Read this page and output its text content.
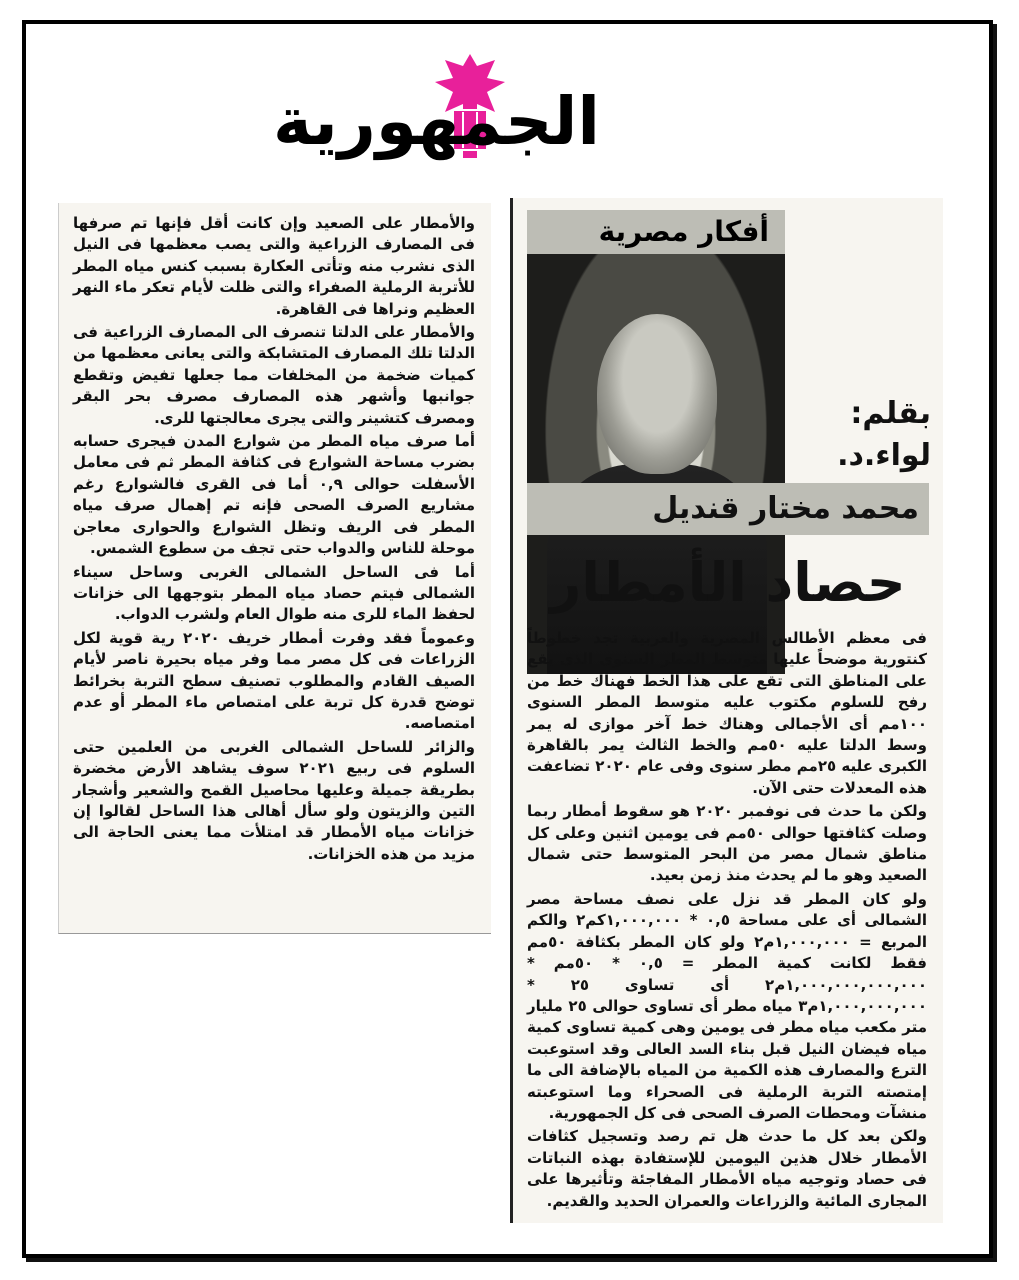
الجمهورية

والأمطار على الصعيد وإن كانت أقل فإنها تم صرفها فى المصارف الزراعية والتى يصب معظمها فى النيل الذى نشرب منه وتأتى العكارة بسبب كنس مياه المطر للأتربة الرملية الصفراء والتى ظلت لأيام تعكر ماء النهر العظيم ونراها فى القاهرة.

والأمطار على الدلتا تنصرف الى المصارف الزراعية فى الدلتا تلك المصارف المتشابكة والتى يعانى معظمها من كميات ضخمة من المخلفات مما جعلها تفيض وتقطع جوانبها وأشهر هذه المصارف مصرف بحر البقر ومصرف كتشينر والتى يجرى معالجتها للرى.

أما صرف مياه المطر من شوارع المدن فيجرى حسابه بضرب مساحة الشوارع فى كثافة المطر ثم فى معامل الأسفلت حوالى ٠,٩ أما فى القرى فالشوارع رغم مشاريع الصرف الصحى فإنه تم إهمال صرف مياه المطر فى الريف وتظل الشوارع والحوارى معاجن موحلة للناس والدواب حتى تجف من سطوع الشمس.

أما فى الساحل الشمالى الغربى وساحل سيناء الشمالى فيتم حصاد مياه المطر بتوجهها الى خزانات لحفظ الماء للرى منه طوال العام ولشرب الدواب.

وعموماً فقد وفرت أمطار خريف ٢٠٢٠ رية قوية لكل الزراعات فى كل مصر مما وفر مياه بحيرة ناصر لأيام الصيف القادم والمطلوب تصنيف سطح التربة بخرائط توضح قدرة كل تربة على امتصاص ماء المطر أو عدم امتصاصه.

والزائر للساحل الشمالى الغربى من العلمين حتى السلوم فى ربيع ٢٠٢١ سوف يشاهد الأرض مخضرة بطريقة جميلة وعليها محاصيل القمح والشعير وأشجار التين والزيتون ولو سأل أهالى هذا الساحل لقالوا إن خزانات مياه الأمطار قد امتلأت مما يعنى الحاجة الى مزيد من هذه الخزانات.

أفكار مصرية
بقلم:
لواء.د.
محمد مختار قنديل
حصاد الأمطار

فى معظم الأطالس المصرية والعربية تجد خطوطاً كنتورية موضحاً عليها متوسط المطر السنوى الذى يقع على المناطق التى تقع على هذا الخط فهناك خط من رفح للسلوم مكتوب عليه متوسط المطر السنوى ١٠٠مم أى الأجمالى وهناك خط آخر موازى له يمر وسط الدلتا عليه ٥٠مم والخط الثالث يمر بالقاهرة الكبرى عليه ٢٥مم مطر سنوى وفى عام ٢٠٢٠ تضاعفت هذه المعدلات حتى الآن.

ولكن ما حدث فى نوفمبر ٢٠٢٠ هو سقوط أمطار ربما وصلت كثافتها حوالى ٥٠مم فى يومين اثنين وعلى كل مناطق شمال مصر من البحر المتوسط حتى شمال الصعيد وهو ما لم يحدث منذ زمن بعيد.

ولو كان المطر قد نزل على نصف مساحة مصر الشمالى أى على مساحة ٠,٥ * ١,٠٠٠,٠٠٠كم٢ والكم المربع = ١,٠٠٠,٠٠٠م٢ ولو كان المطر بكثافة ٥٠مم فقط لكانت كمية المطر = ٠,٥ * ٥٠مم * ١,٠٠٠,٠٠٠,٠٠٠,٠٠٠م٢ أى تساوى ٢٥ * ١,٠٠٠,٠٠٠,٠٠٠م٣ مياه مطر أى تساوى حوالى ٢٥ مليار متر مكعب مياه مطر فى يومين وهى كمية تساوى كمية مياه فيضان النيل قبل بناء السد العالى وقد استوعبت الترع والمصارف هذه الكمية من المياه بالإضافة الى ما إمتصته التربة الرملية فى الصحراء وما استوعبته منشآت ومحطات الصرف الصحى فى كل الجمهورية.

ولكن بعد كل ما حدث هل تم رصد وتسجيل كثافات الأمطار خلال هذين اليومين للإستفادة بهذه النباتات فى حصاد وتوجيه مياه الأمطار المفاجئة وتأثيرها على المجارى المائية والزراعات والعمران الحديد والقديم.
